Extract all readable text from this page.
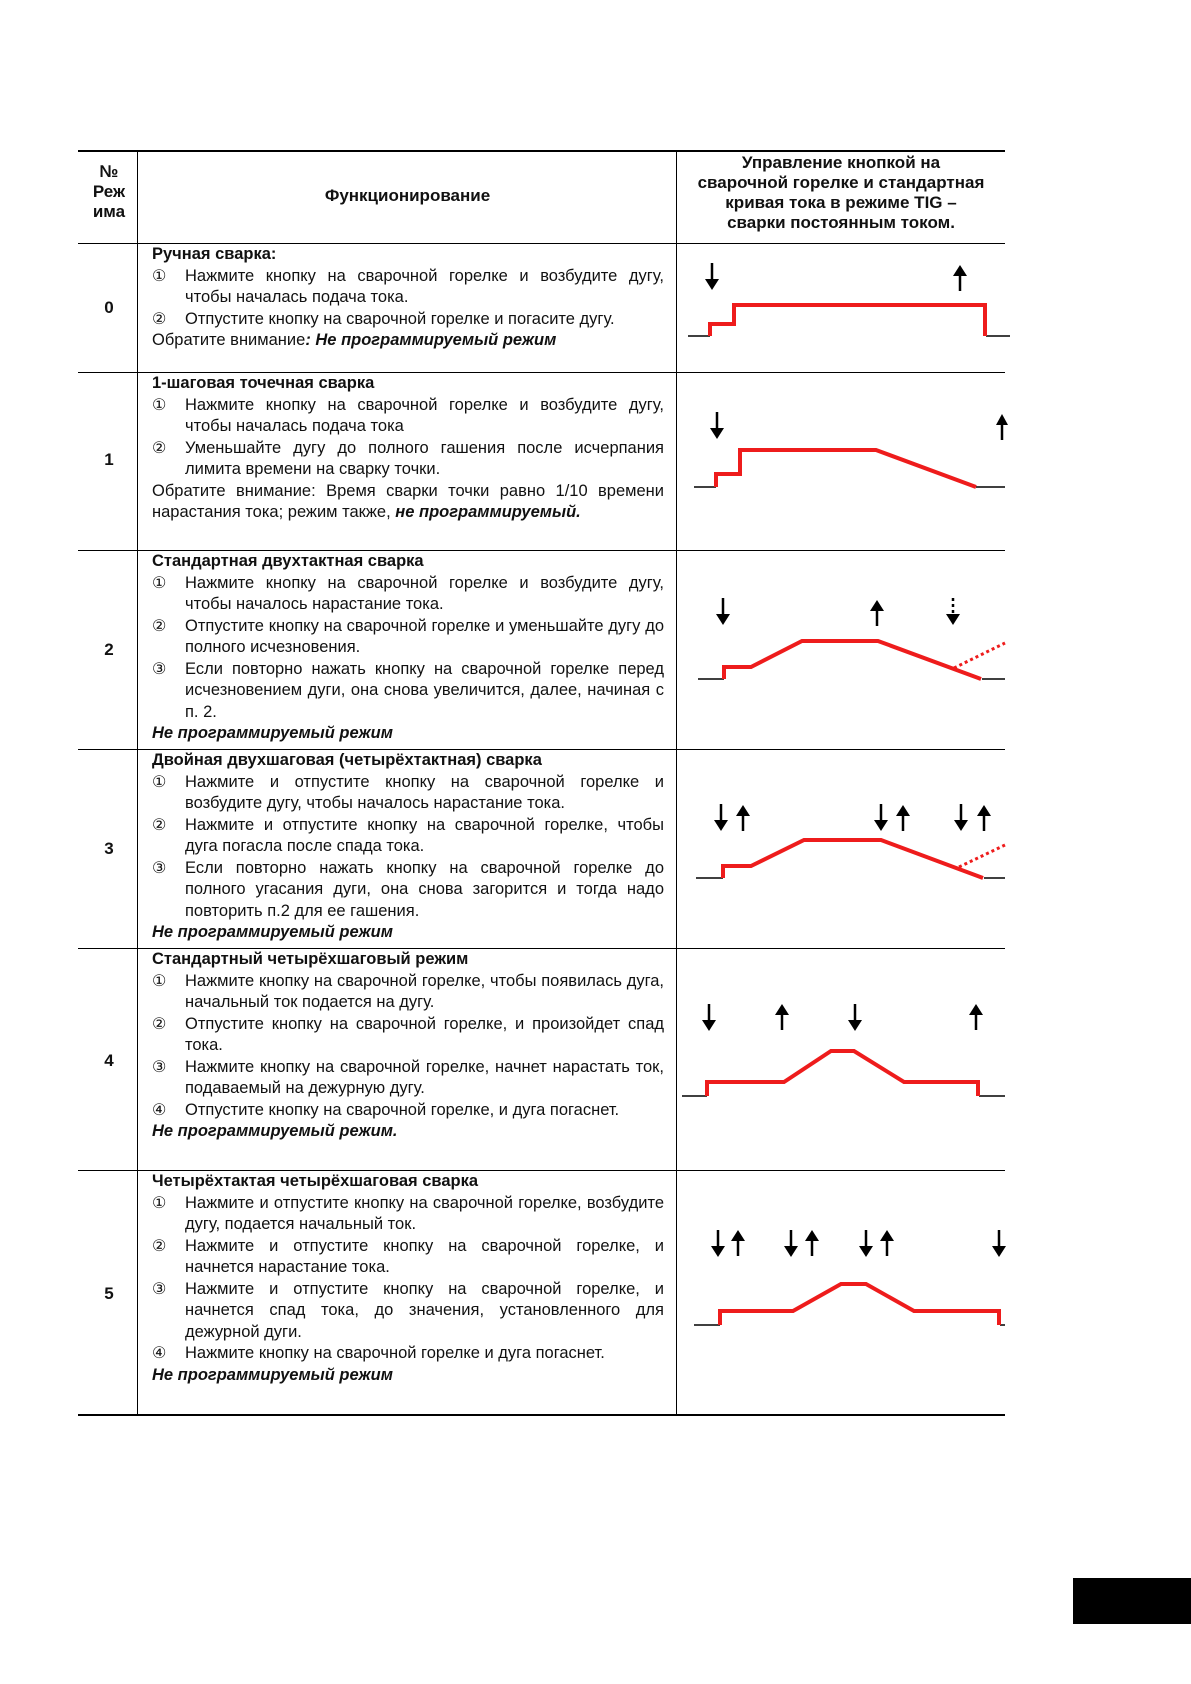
№
Реж
има
Функционирование
Управление кнопкой на
сварочной горелке и стандартная
кривая тока в режиме TIG –
сварки постоянным током.
0
Ручная сварка:
① Нажмите кнопку на сварочной горелке и возбудите дугу, чтобы началась подача тока.
② Отпустите кнопку на сварочной горелке и погасите дугу.
Обратите внимание: Не программируемый режим
1
1-шаговая точечная сварка
① Нажмите кнопку на сварочной горелке и возбудите дугу, чтобы началась подача тока
② Уменьшайте дугу до полного гашения после исчерпания лимита времени на сварку точки.
Обратите внимание: Время сварки точки равно 1/10 времени нарастания тока; режим также, не программируемый.
2
Стандартная двухтактная сварка
① Нажмите кнопку на сварочной горелке и возбудите дугу, чтобы началось нарастание тока.
② Отпустите кнопку на сварочной горелке и уменьшайте дугу до полного исчезновения.
③ Если повторно нажать кнопку на сварочной горелке перед исчезновением дуги, она снова увеличится, далее, начиная с п. 2.
Не программируемый режим
3
Двойная двухшаговая (четырёхтактная) сварка
① Нажмите и отпустите кнопку на сварочной горелке и возбудите дугу, чтобы началось нарастание тока.
② Нажмите и отпустите кнопку на сварочной горелке, чтобы дуга погасла после спада тока.
③ Если повторно нажать кнопку на сварочной горелке до полного угасания дуги, она снова загорится и тогда надо повторить п.2 для ее гашения.
Не программируемый режим
4
Стандартный четырёхшаговый режим
① Нажмите кнопку на сварочной горелке, чтобы появилась дуга, начальный ток подается на дугу.
② Отпустите кнопку на сварочной горелке, и произойдет спад тока.
③ Нажмите кнопку на сварочной горелке, начнет нарастать ток, подаваемый на дежурную дугу.
④ Отпустите кнопку на сварочной горелке, и дуга погаснет.
Не программируемый режим.
5
Четырёхтактая четырёхшаговая сварка
① Нажмите и отпустите кнопку на сварочной горелке, возбудите дугу, подается начальный ток.
② Нажмите и отпустите кнопку на сварочной горелке, и начнется нарастание тока.
③ Нажмите и отпустите кнопку на сварочной горелке, и начнется спад тока, до значения, установленного для дежурной дуги.
④ Нажмите кнопку на сварочной горелке и дуга погаснет.
Не программируемый режим
